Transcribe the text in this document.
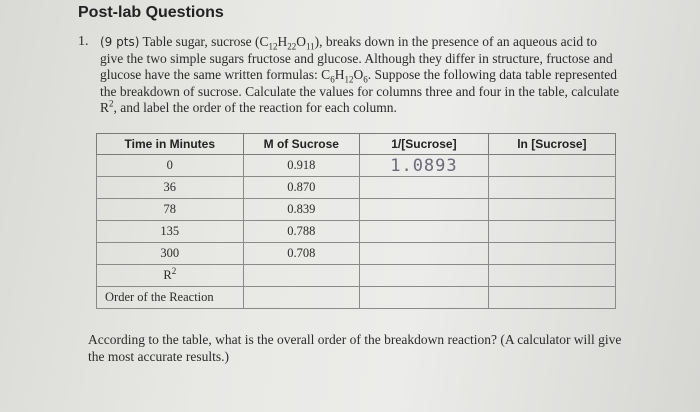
Post-lab Questions
1. (9 pts) Table sugar, sucrose $(C_{12}H_{22}O_{11})$, breaks down in the presence of an aqueous acid to give the two simple sugars fructose and glucose. Although they differ in structure, fructose and glucose have the same written formulas: $C_6H_{12}O_6$. Suppose the following data table represented the breakdown of sucrose. Calculate the values for columns three and four in the table, calculate $R^2$, and label the order of the reaction for each column.
Time in Minutes	M of Sucrose	1/[Sucrose]	ln [Sucrose]
0	0.918	1.0893	
36	0.870		
78	0.839		
135	0.788		
300	0.708		
$R^2$			
Order of the Reaction			
According to the table, what is the overall order of the breakdown reaction? (A calculator will give the most accurate results.)
